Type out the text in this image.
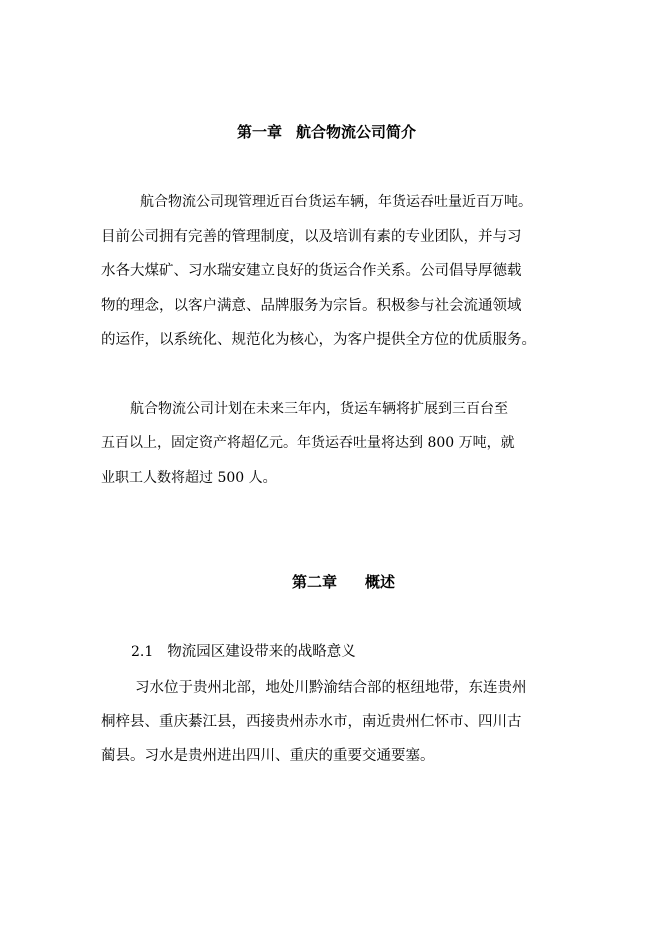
第一章 航合物流公司简介
航合物流公司现管理近百台货运车辆，年货运吞吐量近百万吨。
目前公司拥有完善的管理制度，以及培训有素的专业团队，并与习
水各大煤矿、习水瑞安建立良好的货运合作关系。公司倡导厚德载
物的理念，以客户满意、品牌服务为宗旨。积极参与社会流通领域
的运作，以系统化、规范化为核心，为客户提供全方位的优质服务。
航合物流公司计划在未来三年内，货运车辆将扩展到三百台至
五百以上，固定资产将超亿元。年货运吞吐量将达到 800 万吨，就
业职工人数将超过 500 人。
第二章 概述
2.1 物流园区建设带来的战略意义
习水位于贵州北部，地处川黔渝结合部的枢纽地带，东连贵州
桐梓县、重庆綦江县，西接贵州赤水市，南近贵州仁怀市、四川古
蔺县。习水是贵州进出四川、重庆的重要交通要塞。
